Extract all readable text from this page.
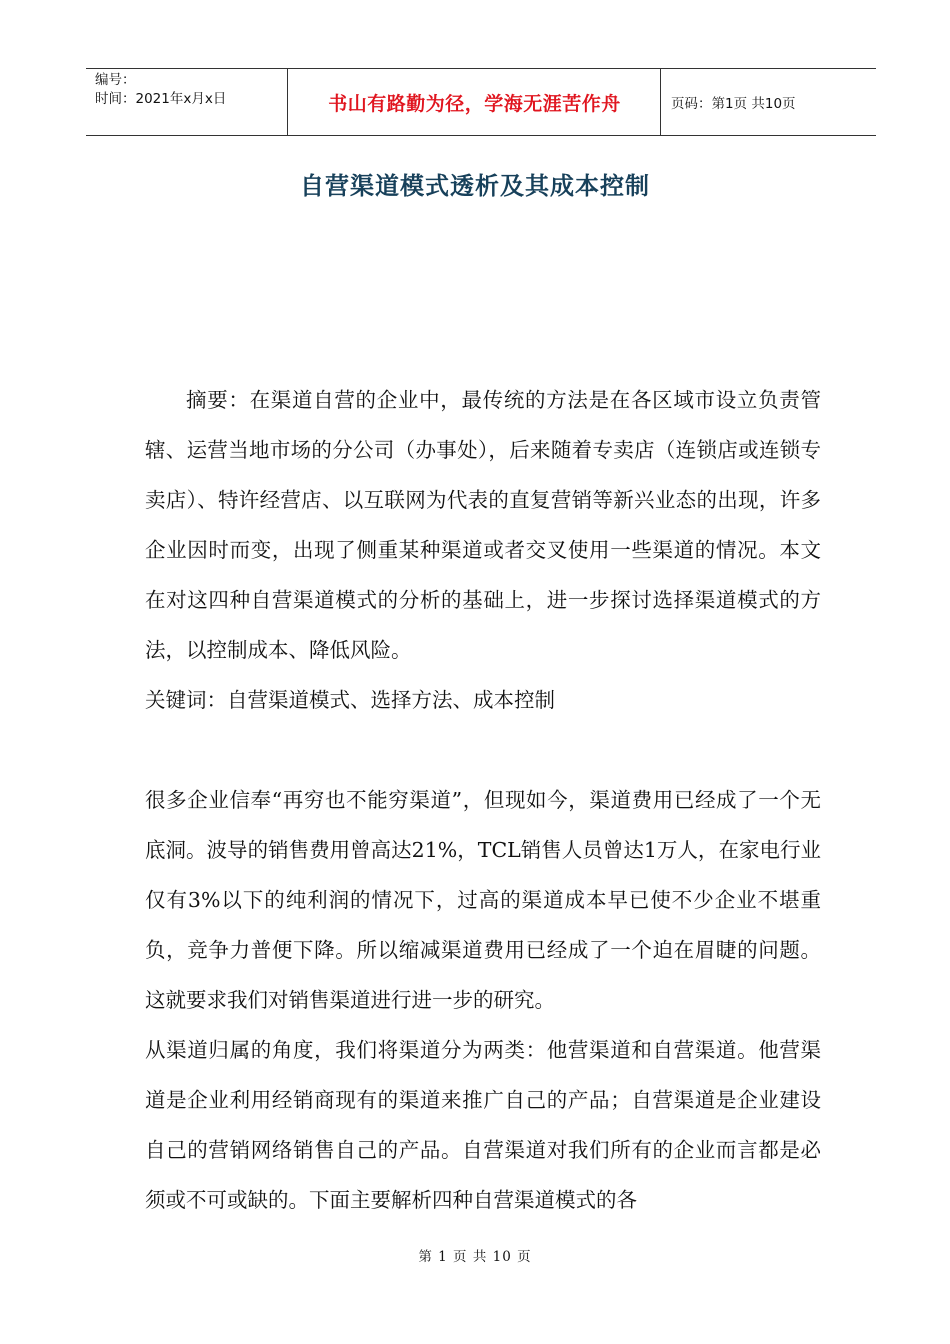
编号：
时间：2021年x月x日	书山有路勤为径，学海无涯苦作舟	页码：第1页 共10页
自营渠道模式透析及其成本控制

摘要：在渠道自营的企业中，最传统的方法是在各区域市设立负责管辖、运营当地市场的分公司（办事处），后来随着专卖店（连锁店或连锁专卖店）、特许经营店、以互联网为代表的直复营销等新兴业态的出现，许多企业因时而变，出现了侧重某种渠道或者交叉使用一些渠道的情况。本文在对这四种自营渠道模式的分析的基础上，进一步探讨选择渠道模式的方法，以控制成本、降低风险。

关键词：自营渠道模式、选择方法、成本控制

很多企业信奉“再穷也不能穷渠道”，但现如今，渠道费用已经成了一个无底洞。波导的销售费用曾高达21%，TCL销售人员曾达1万人，在家电行业仅有3%以下的纯利润的情况下，过高的渠道成本早已使不少企业不堪重负，竞争力普便下降。所以缩减渠道费用已经成了一个迫在眉睫的问题。这就要求我们对销售渠道进行进一步的研究。

从渠道归属的角度，我们将渠道分为两类：他营渠道和自营渠道。他营渠道是企业利用经销商现有的渠道来推广自己的产品；自营渠道是企业建设自己的营销网络销售自己的产品。自营渠道对我们所有的企业而言都是必须或不可或缺的。下面主要解析四种自营渠道模式的各

第 1 页 共 10 页
